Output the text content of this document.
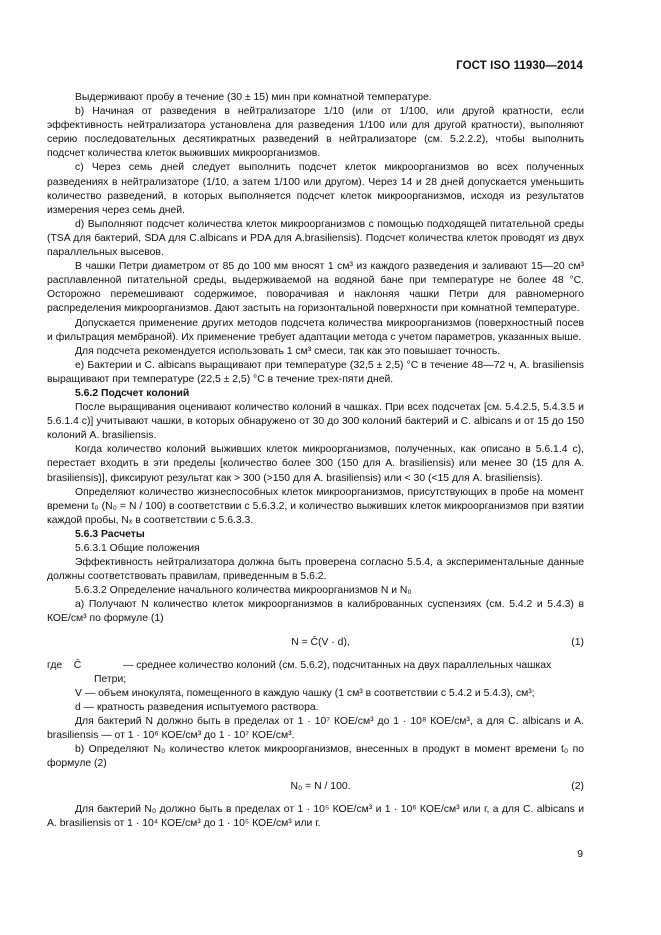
ГОСТ ISO 11930—2014

Выдерживают пробу в течение (30 ± 15) мин при комнатной температуре.

b) Начиная от разведения в нейтрализаторе 1/10 (или от 1/100, или другой кратности, если эффективность нейтрализатора установлена для разведения 1/100 или для другой кратности), выполняют серию последовательных десятикратных разведений в нейтрализаторе (см. 5.2.2.2), чтобы выполнить подсчет количества клеток выживших микроорганизмов.

c) Через семь дней следует выполнить подсчет клеток микроорганизмов во всех полученных разведениях в нейтрализаторе (1/10, а затем 1/100 или другом). Через 14 и 28 дней допускается уменьшить количество разведений, в которых выполняется подсчет клеток микроорганизмов, исходя из результатов измерения через семь дней.

d) Выполняют подсчет количества клеток микроорганизмов с помощью подходящей питательной среды (TSA для бактерий, SDA для C.albicans и PDA для A.brasiliensis). Подсчет количества клеток проводят из двух параллельных высевов.

В чашки Петри диаметром от 85 до 100 мм вносят 1 см³ из каждого разведения и заливают 15—20 см³ расплавленной питательной среды, выдерживаемой на водяной бане при температуре не более 48 °С. Осторожно перемешивают содержимое, поворачивая и наклоняя чашки Петри для равномерного распределения микроорганизмов. Дают застыть на горизонтальной поверхности при комнатной температуре.

Допускается применение других методов подсчета количества микроорганизмов (поверхностный посев и фильтрация мембраной). Их применение требует адаптации метода с учетом параметров, указанных выше.

Для подсчета рекомендуется использовать 1 см³ смеси, так как это повышает точность.

e) Бактерии и C. albicans выращивают при температуре (32,5 ± 2,5) °С в течение 48—72 ч, A. brasiliensis выращивают при температуре (22,5 ± 2,5) °С в течение трех-пяти дней.

5.6.2 Подсчет колоний

После выращивания оценивают количество колоний в чашках. При всех подсчетах [см. 5.4.2.5, 5.4.3.5 и 5.6.1.4 c)] учитывают чашки, в которых обнаружено от 30 до 300 колоний бактерий и C. albicans и от 15 до 150 колоний A. brasiliensis.

Когда количество колоний выживших клеток микроорганизмов, полученных, как описано в 5.6.1.4 c), перестает входить в эти пределы [количество более 300 (150 для A. brasiliensis) или менее 30 (15 для A. brasiliensis)], фиксируют результат как > 300 (>150 для A. brasiliensis) или < 30 (<15 для A. brasiliensis).

Определяют количество жизнеспособных клеток микроорганизмов, присутствующих в пробе на момент времени t₀ (N₀ = N / 100) в соответствии с 5.6.3.2, и количество выживших клеток микроорганизмов при взятии каждой пробы, Nₓ в соответствии с 5.6.3.3.

5.6.3 Расчеты

5.6.3.1 Общие положения

Эффективность нейтрализатора должна быть проверена согласно 5.5.4, а экспериментальные данные должны соответствовать правилам, приведенным в 5.6.2.

5.6.3.2 Определение начального количества микроорганизмов N и N₀

a) Получают N количество клеток микроорганизмов в калиброванных суспензиях (см. 5.4.2 и 5.4.3) в КОЕ/см³ по формуле (1)

N = C̄(V · d),	(1)
где C̄	— среднее количество колоний (см. 5.6.2), подсчитанных на двух параллельных чашках

Петри;

V — объем инокулята, помещенного в каждую чашку (1 см³ в соответствии с 5.4.2 и 5.4.3), см³;

d — кратность разведения испытуемого раствора.

Для бактерий N должно быть в пределах от 1 · 10⁷ КОЕ/см³ до 1 · 10⁸ КОЕ/см³, а для C. albicans и A. brasiliensis — от 1 · 10⁶ КОЕ/см³ до 1 · 10⁷ КОЕ/см³.

b) Определяют N₀ количество клеток микроорганизмов, внесенных в продукт в момент времени t₀ по формуле (2)

N₀ = N / 100.	(2)

Для бактерий N₀ должно быть в пределах от 1 · 10⁵ КОЕ/см³ и 1 · 10⁶ КОЕ/см³ или г, а для C. albicans и A. brasiliensis от 1 · 10⁴ КОЕ/см³ до 1 · 10⁵ КОЕ/см³ или г.

9
